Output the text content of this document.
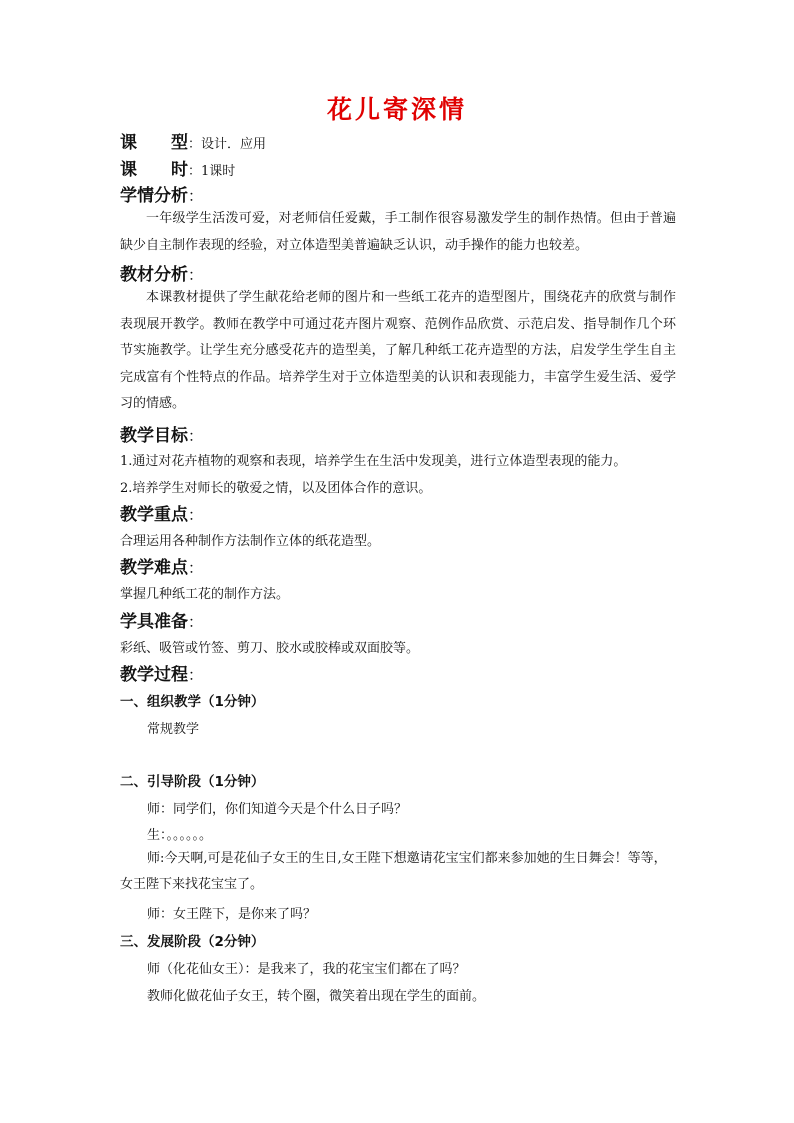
花儿寄深情
课　　型：设计．应用
课　　时：1课时
学情分析：

一年级学生活泼可爱，对老师信任爱戴，手工制作很容易激发学生的制作热情。但由于普遍缺少自主制作表现的经验，对立体造型美普遍缺乏认识，动手操作的能力也较差。

教材分析：

本课教材提供了学生献花给老师的图片和一些纸工花卉的造型图片，围绕花卉的欣赏与制作表现展开教学。教师在教学中可通过花卉图片观察、范例作品欣赏、示范启发、指导制作几个环节实施教学。让学生充分感受花卉的造型美，了解几种纸工花卉造型的方法，启发学生学生自主完成富有个性特点的作品。培养学生对于立体造型美的认识和表现能力，丰富学生爱生活、爱学习的情感。

教学目标：
1.通过对花卉植物的观察和表现，培养学生在生活中发现美，进行立体造型表现的能力。
2.培养学生对师长的敬爱之情，以及团体合作的意识。
教学重点：
合理运用各种制作方法制作立体的纸花造型。
教学难点：
掌握几种纸工花的制作方法。
学具准备：
彩纸、吸管或竹签、剪刀、胶水或胶棒或双面胶等。
教学过程：
一、组织教学（1分钟）
常规教学
二、引导阶段（1分钟）
师：同学们，你们知道今天是个什么日子吗？
生：。。。。。。

师:今天啊,可是花仙子女王的生日,女王陛下想邀请花宝宝们都来参加她的生日舞会！等等，女王陛下来找花宝宝了。

师：女王陛下，是你来了吗？
三、发展阶段（2分钟）
师（化花仙女王）：是我来了，我的花宝宝们都在了吗？
教师化做花仙子女王，转个圈，微笑着出现在学生的面前。
